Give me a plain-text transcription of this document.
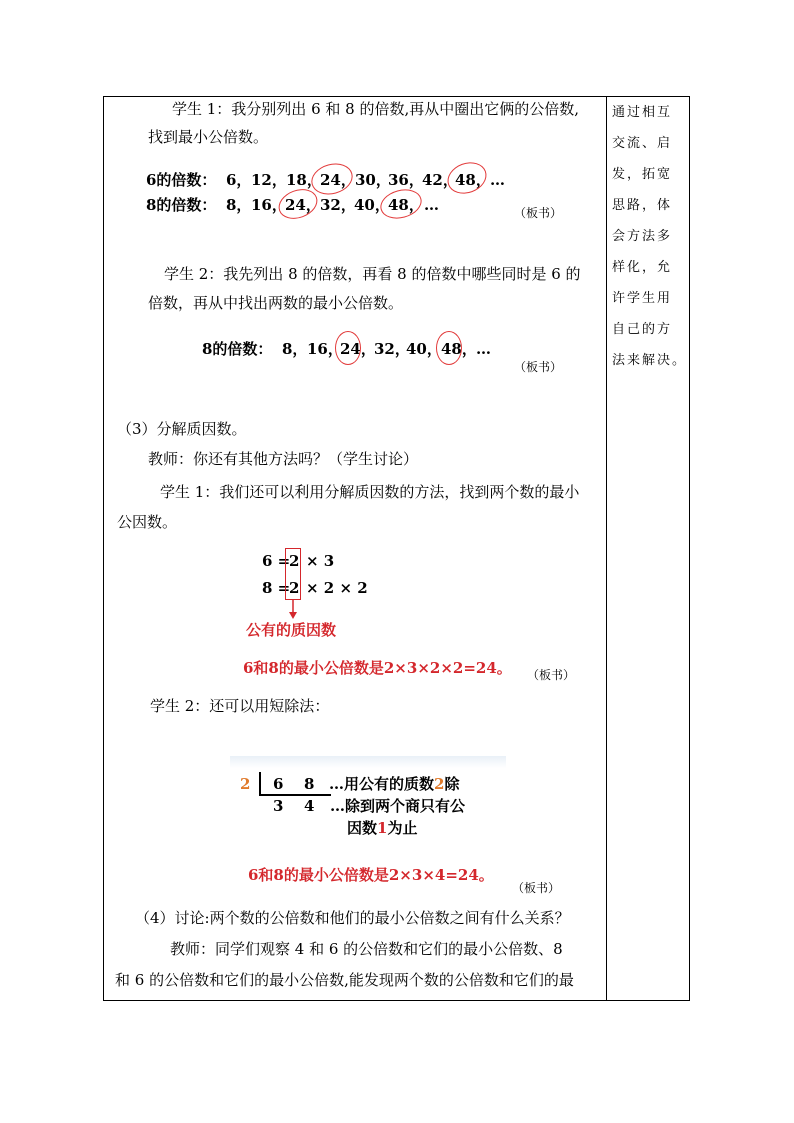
学生 1：我分别列出 6 和 8 的倍数,再从中圈出它俩的公倍数,
找到最小公倍数。
6的倍数： 6， 12， 18，
24， 30，
36，
42，
48， …
8的倍数： 8， 16，
24， 32，
40，
48， …	（板书）
学生 2：我先列出 8 的倍数，再看 8 的倍数中哪些同时是 6 的
倍数，再从中找出两数的最小公倍数。
8的倍数： 8， 16，
24，
32，
40， 48， …
（板书）
（3）分解质因数。
教师：你还有其他方法吗？（学生讨论）
学生 1：我们还可以利用分解质因数的方法，找到两个数的最小
公因数。
6 =
2 × 3
8 =
2 × 2 × 2
公有的质因数
6和8的最小公倍数是2×3×2×2=24。 （板书）
学生 2：还可以用短除法：
2 6 8 …用公有的质数2除
3 4 …除到两个商只有公
因数1为止
6和8的最小公倍数是2×3×4=24。
（板书）
（4）讨论:两个数的公倍数和他们的最小公倍数之间有什么关系？
教师：同学们观察 4 和 6 的公倍数和它们的最小公倍数、8
和 6 的公倍数和它们的最小公倍数,能发现两个数的公倍数和它们的最
通过相互
交流、启
发，拓宽
思路，体
会方法多
样化，允
许学生用
自己的方
法来解决。
